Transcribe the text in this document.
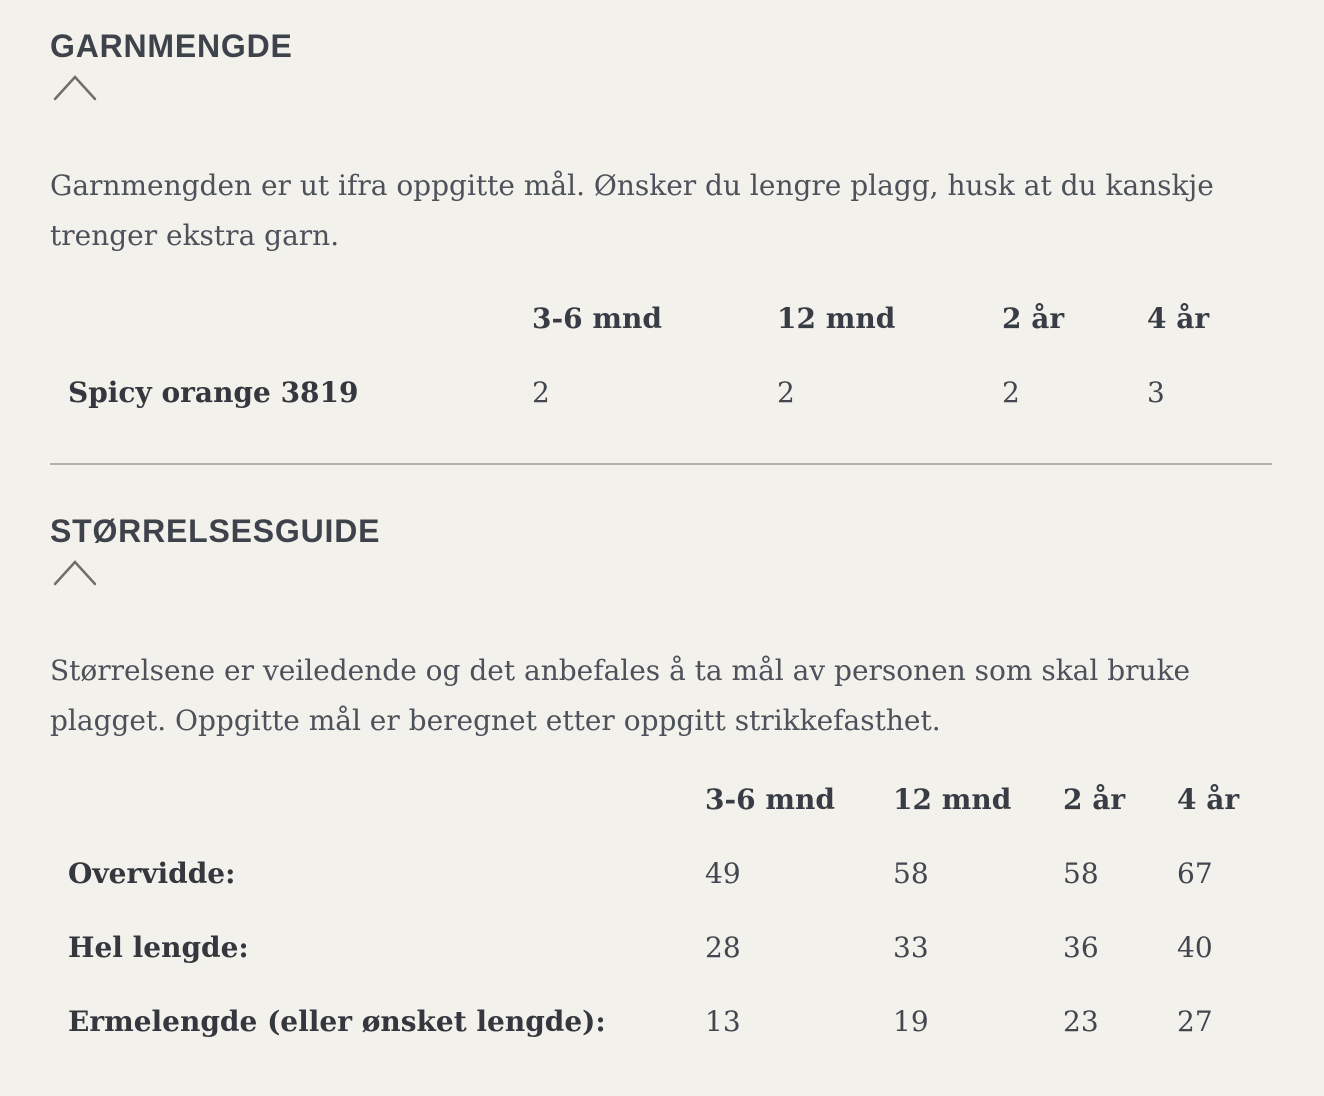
GARNMENGDE

Garnmengden er ut ifra oppgitte mål. Ønsker du lengre plagg, husk at du kanskje trenger ekstra garn.

	3-6 mnd	12 mnd	2 år	4 år
Spicy orange 3819	2	2	2	3
STØRRELSESGUIDE

Størrelsene er veiledende og det anbefales å ta mål av personen som skal bruke plagget. Oppgitte mål er beregnet etter oppgitt strikkefasthet.

	3-6 mnd	12 mnd	2 år	4 år
Overvidde:	49	58	58	67
Hel lengde:	28	33	36	40
Ermelengde (eller ønsket lengde):	13	19	23	27
